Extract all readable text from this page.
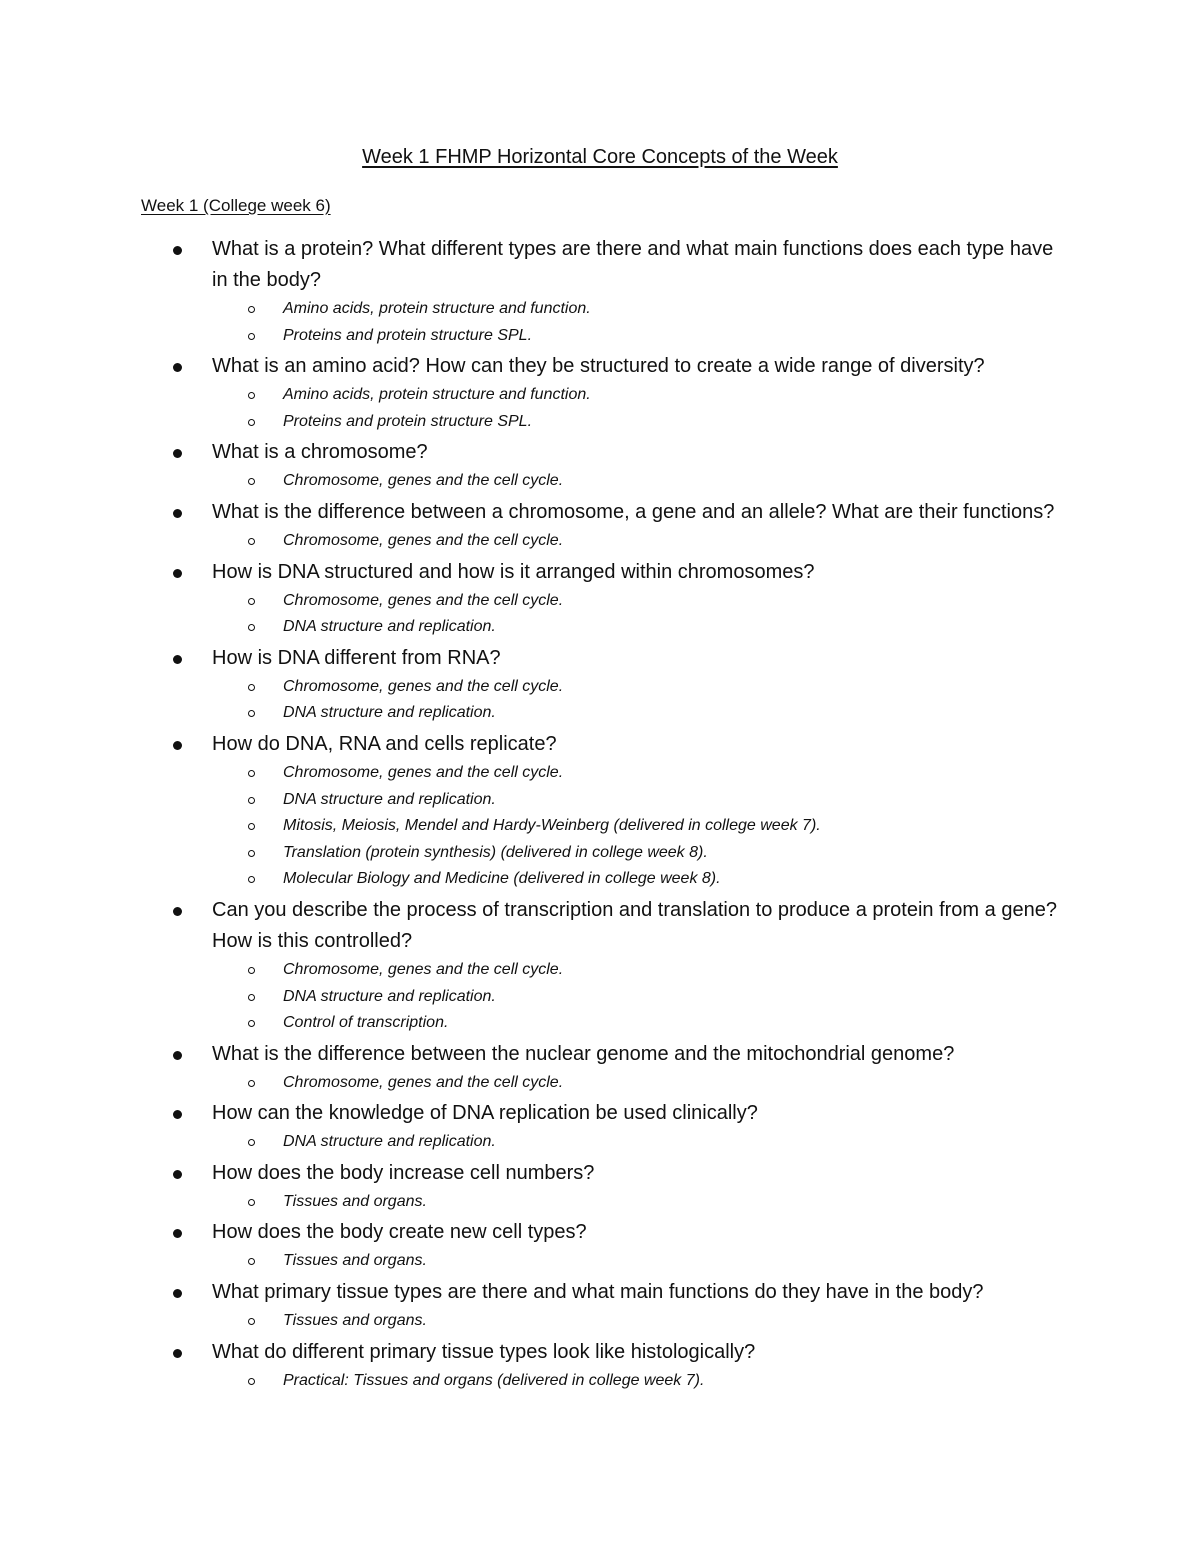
Week 1 FHMP Horizontal Core Concepts of the Week
Week 1 (College week 6)
What is a protein? What different types are there and what main functions does each type have in the body?
Amino acids, protein structure and function.
Proteins and protein structure SPL.
What is an amino acid? How can they be structured to create a wide range of diversity?
Amino acids, protein structure and function.
Proteins and protein structure SPL.
What is a chromosome?
Chromosome, genes and the cell cycle.
What is the difference between a chromosome, a gene and an allele? What are their functions?
Chromosome, genes and the cell cycle.
How is DNA structured and how is it arranged within chromosomes?
Chromosome, genes and the cell cycle.
DNA structure and replication.
How is DNA different from RNA?
Chromosome, genes and the cell cycle.
DNA structure and replication.
How do DNA, RNA and cells replicate?
Chromosome, genes and the cell cycle.
DNA structure and replication.
Mitosis, Meiosis, Mendel and Hardy-Weinberg (delivered in college week 7).
Translation (protein synthesis) (delivered in college week 8).
Molecular Biology and Medicine (delivered in college week 8).
Can you describe the process of transcription and translation to produce a protein from a gene? How is this controlled?
Chromosome, genes and the cell cycle.
DNA structure and replication.
Control of transcription.
What is the difference between the nuclear genome and the mitochondrial genome?
Chromosome, genes and the cell cycle.
How can the knowledge of DNA replication be used clinically?
DNA structure and replication.
How does the body increase cell numbers?
Tissues and organs.
How does the body create new cell types?
Tissues and organs.
What primary tissue types are there and what main functions do they have in the body?
Tissues and organs.
What do different primary tissue types look like histologically?
Practical: Tissues and organs (delivered in college week 7).
